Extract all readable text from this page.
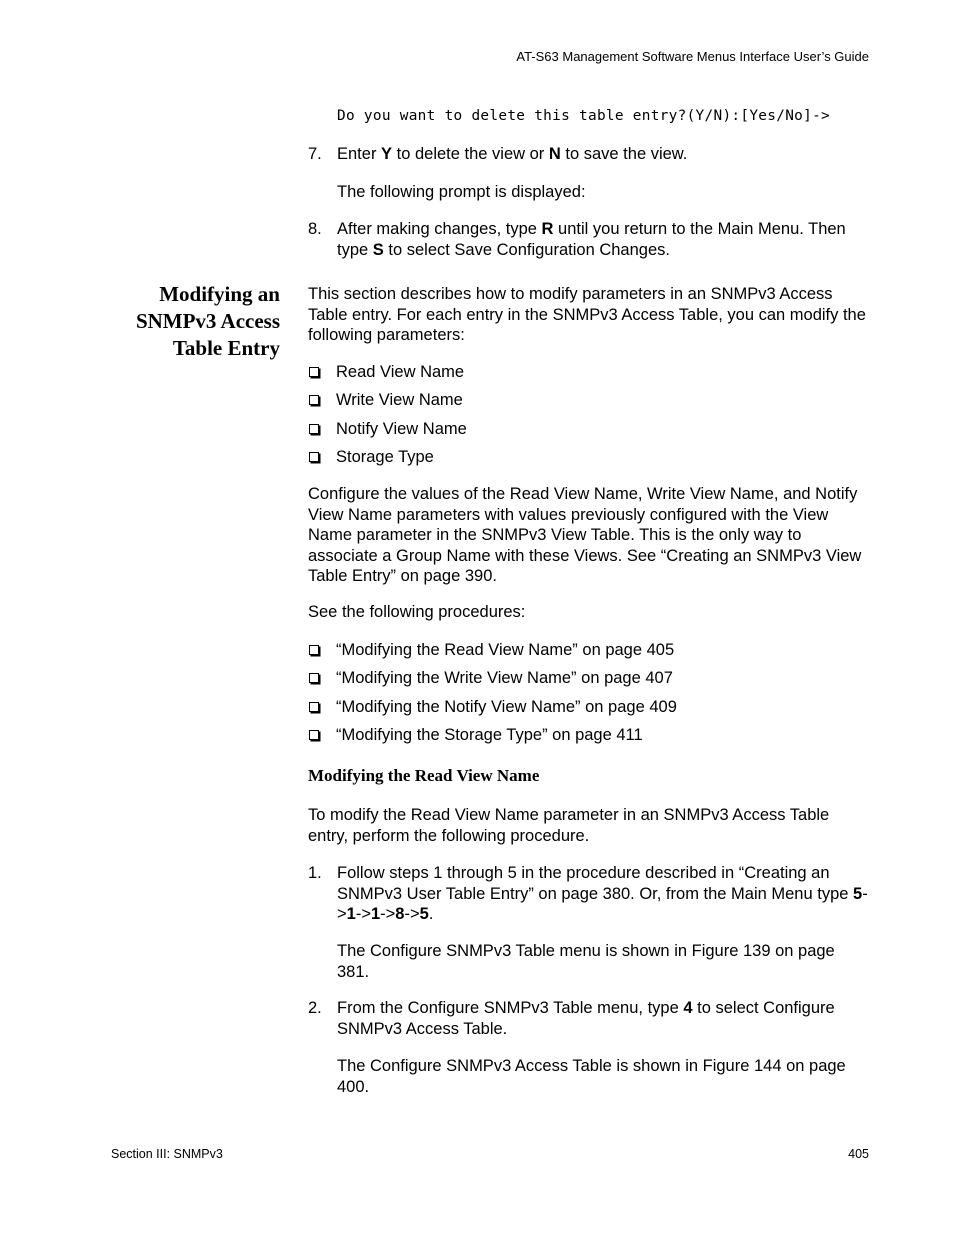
AT-S63 Management Software Menus Interface User’s Guide
Do you want to delete this table entry?(Y/N):[Yes/No]->
7. Enter Y to delete the view or N to save the view.
The following prompt is displayed:
8. After making changes, type R until you return to the Main Menu. Then type S to select Save Configuration Changes.
Modifying an
SNMPv3 Access
Table Entry
This section describes how to modify parameters in an SNMPv3 Access Table entry. For each entry in the SNMPv3 Access Table, you can modify the following parameters:
Read View Name
Write View Name
Notify View Name
Storage Type
Configure the values of the Read View Name, Write View Name, and Notify View Name parameters with values previously configured with the View Name parameter in the SNMPv3 View Table. This is the only way to associate a Group Name with these Views. See “Creating an SNMPv3 View Table Entry” on page 390.
See the following procedures:
“Modifying the Read View Name” on page 405
“Modifying the Write View Name” on page 407
“Modifying the Notify View Name” on page 409
“Modifying the Storage Type” on page 411
Modifying the Read View Name
To modify the Read View Name parameter in an SNMPv3 Access Table entry, perform the following procedure.
1. Follow steps 1 through 5 in the procedure described in “Creating an SNMPv3 User Table Entry” on page 380. Or, from the Main Menu type 5->1->1->8->5.
The Configure SNMPv3 Table menu is shown in Figure 139 on page 381.
2. From the Configure SNMPv3 Table menu, type 4 to select Configure SNMPv3 Access Table.
The Configure SNMPv3 Access Table is shown in Figure 144 on page 400.
Section III: SNMPv3	405
